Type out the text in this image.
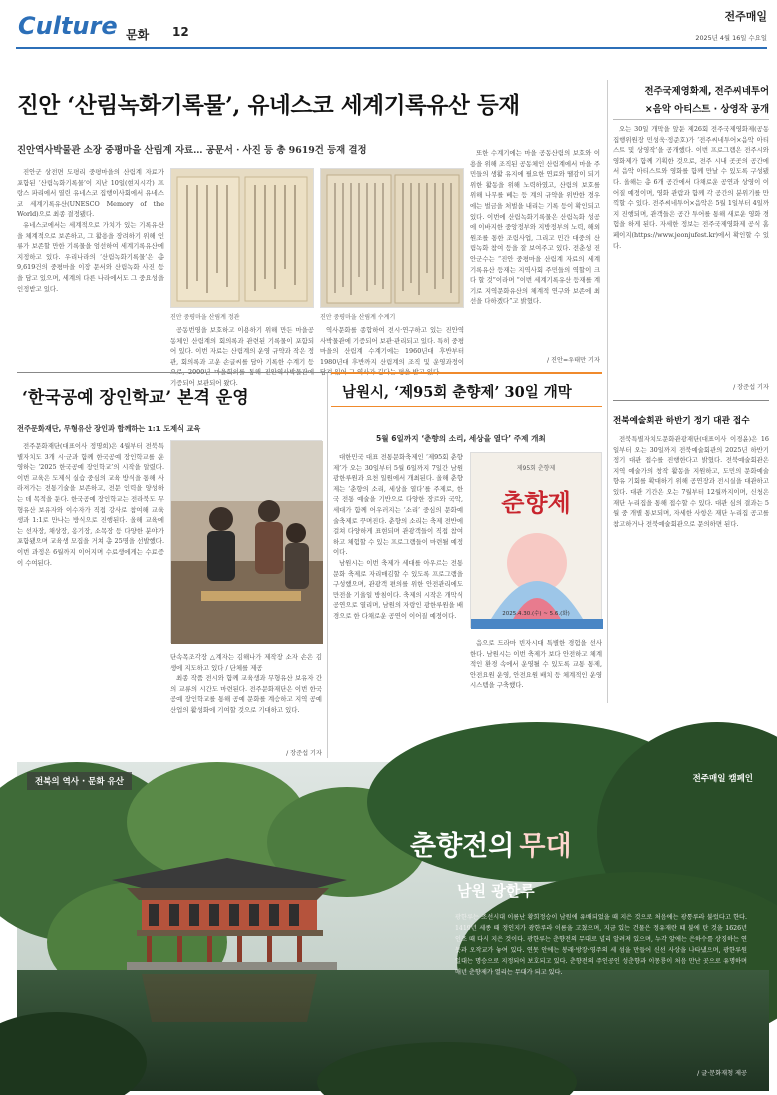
Culture 문화 12
전주매일
2025년 4월 16일 수요일
진안 ‘산림녹화기록물’, 유네스코 세계기록유산 등재
진안역사박물관 소장 중평마을 산림계 자료… 공문서 · 사진 등 총 9619건 등재 결정

진안군 상전면 도평리 중평마을의 산림계 자료가 포함된 ‘산림녹화기록물’이 지난 10일(현지시각) 프랑스 파리에서 열린 유네스코 집행이사회에서 유네스코 세계기록유산(UNESCO Memory of the World)으로 최종 결정됐다.

유네스코에서는 세계적으로 가치가 있는 기록유산을 체계적으로 보존하고, 그 활용을 장려하기 위해 인류가 보존할 만한 기록물을 엄선하여 세계기록유산에 지정하고 있다. 우리나라의 ‘산림녹화기록물’은 총 9,619건의 중평마을 이장 문서와 산림녹화 사진 등을 담고 있으며, 세계의 다른 나라에서도 그 중요성을 인정받고 있다.

진안 중평마을 산림계 정관	진안 중평마을 산림계 수계기

공동번영을 보호하고 이용하기 위해 만든 마을공동체인 산림계의 회의록과 관련된 기록물이 포함되어 있다. 이번 자료는 산림계의 운영 규약과 작은 정관, 회의록과 고운 손글씨를 담아 기록한 수계기 등으로, 2000년 마을회의를 통해 진안역사박물관에 기증되어 보관되어 왔다.

역사문화를 종합하여 전시·연구하고 있는 진안역사박물관에 기증되어 보관·관리되고 있다. 특히 중평마을의 산림계 수계기에는 1960년대 후반부터 1980년대 후반까지 산림계의 조직 및 운영과정이 담겨 있어 그 역사가 깊다는 평을 받고 있다.

또한 수계기에는 마을 공동산림의 보호와 이용을 위해 조직된 공동체인 산림계에서 마을 주민들의 생활 유지에 필요한 연료와 땔감이 되기 위한 활동을 위해 노력하였고, 산림의 보호를 위해 나무를 베는 등 계의 규약을 위반한 경우에는 벌금을 처벌을 내리는 기록 등이 확인되고 있다. 이번에 산림녹화기록물은 산림녹화 성공에 이바지한 중앙정부와 지방정부의 노력, 해외 원조를 통한 조림사업, 그리고 민간 대중의 산림녹화 참여 등을 잘 보여주고 있다. 전춘성 진안군수는 “진안 중평마을 산림계 자료의 세계기록유산 등재는 지역사회 주민들의 역할이 크다 할 것”이라며 “이번 세계기록유산 등재를 계기로 지역문화유산의 체계적 연구와 보존에 최선을 다하겠다”고 밝혔다.

/ 진안=우태만 기자
전주국제영화제, 전주씨네투어
×음악 아티스트 · 상영작 공개

오는 30일 개막을 앞둔 제26회 전주국제영화제(공동집행위원장 민성욱·정준호)가 ‘전주씨네투어×음악 아티스트 및 상영작’을 공개했다. 이번 프로그램은 전주시와 영화제가 함께 기획한 것으로, 전주 시내 곳곳의 공간에서 음악 아티스트와 영화를 함께 만날 수 있도록 구성됐다. 올해는 총 6개 공간에서 다채로운 공연과 상영이 이어질 예정이며, 영화 관람과 함께 각 공간의 분위기를 만끽할 수 있다. 전주씨네투어×음악은 5월 1일부터 4일까지 진행되며, 관객들은 공간 투어를 통해 새로운 영화 경험을 하게 된다. 자세한 정보는 전주국제영화제 공식 홈페이지(https://www.jeonjufest.kr)에서 확인할 수 있다.

/ 장준섭 기자
‘한국공예 장인학교’ 본격 운영
전주문화재단, 무형유산 장인과 함께하는 1:1 도제식 교육

전주문화재단(대표이사 정명희)은 4월부터 전북특별자치도 3개 시·군과 함께 한국공예 장인학교를 운영하는 ‘2025 한국공예 장인학교’의 시작을 알렸다. 이번 교육은 도제식 실습 중심의 교육 방식을 통해 사라져가는 전통기술을 보존하고, 전문 인력을 양성하는 데 목적을 둔다. 한국공예 장인학교는 전라북도 무형유산 보유자와 이수자가 직접 강사로 참여해 교육생과 1:1로 만나는 방식으로 진행된다. 올해 교육에는 선자장, 채상장, 옹기장, 소목장 등 다양한 분야가 포함됐으며 교육생 모집을 거쳐 총 25명을 선발했다. 이번 과정은 6월까지 이어지며 수료생에게는 수료증이 수여된다.

단속목조각장 △계자는 김해나가 제작장 소자 손은 김생에 지도하고 있다 / 단체를 제공

최종 작품 전시와 함께 교육생과 무형유산 보유자 간의 교류의 시간도 마련된다. 전주문화재단은 이번 한국공예 장인학교를 통해 공예 문화를 계승하고 지역 공예 산업의 활성화에 기여할 것으로 기대하고 있다.

/ 장준섭 기자
남원시, ‘제95회 춘향제’ 30일 개막
5월 6일까지 ‘춘향의 소리, 세상을 열다’ 주제 개최

대한민국 대표 전통문화축제인 ‘제95회 춘향제’가 오는 30일부터 5월 6일까지 7일간 남원 광한루원과 요천 일원에서 개최된다. 올해 춘향제는 ‘춘향의 소리, 세상을 열다’를 주제로, 한국 전통 예술을 기반으로 다양한 장르와 국악, 세대가 함께 어우러지는 ‘소리’ 중심의 문화예술축제로 꾸며진다. 춘향의 소리는 축제 전반에 걸쳐 다양하게 표현되며 관광객들이 직접 참여하고 체험할 수 있는 프로그램들이 마련될 예정이다.

남원시는 이번 축제가 세대를 아우르는 전통문화 축제로 자리매김할 수 있도록 프로그램을 구성했으며, 관광객 편의를 위한 안전관리에도 만전을 기울일 방침이다. 축제의 시작은 개막식 공연으로 열리며, 남원의 자랑인 광한루원을 배경으로 한 다채로운 공연이 이어질 예정이다.

제95회 춘향제
춘향제
2025.4.30.(수) ~ 5.6.(화)

음으로 드라마 빈자시대 특별한 경험을 선사한다. 남원시는 이번 축제가 보다 안전하고 체계적인 환경 속에서 운영될 수 있도록 교통 통제, 안전요원 운영, 안전요원 배치 등 체계적인 운영 시스템을 구축했다.

전북예술회관 하반기 정기 대관 접수

전북특별자치도문화관광재단(대표이사 이경윤)은 16일부터 오는 30일까지 전북예술회관의 2025년 하반기 정기 대관 접수를 진행한다고 밝혔다. 전북예술회관은 지역 예술가의 창작 활동을 지원하고, 도민의 문화예술 향유 기회를 확대하기 위해 공연장과 전시실을 대관하고 있다. 대관 기간은 오는 7월부터 12월까지이며, 신청은 재단 누리집을 통해 접수할 수 있다. 대관 심의 결과는 5월 중 개별 통보되며, 자세한 사항은 재단 누리집 공고를 참고하거나 전북예술회관으로 문의하면 된다.

전북의 역사 · 문화 유산	전주매일 캠페인
춘향전의 무대
남원 광한루
광한루는 조선시대 이름난 황희정승이 남원에 유배되었을 때 지은 것으로 처음에는 광통루라 불렀다고 한다. 1419년 세종 때 정인지가 광한루라 이름을 고쳤으며, 지금 있는 건물은 정유재란 때 불에 탄 것을 1626년 인조 때 다시 지은 것이다. 광한루는 춘향전의 무대로 널리 알려져 있으며, 누각 앞에는 은하수를 상징하는 연못과 오작교가 놓여 있다. 연못 안에는 봉래·방장·영주의 세 섬을 만들어 신선 사상을 나타냈으며, 광한루원 일대는 명승으로 지정되어 보호되고 있다. 춘향전의 주인공인 성춘향과 이몽룡이 처음 만난 곳으로 유명하며 매년 춘향제가 열리는 무대가 되고 있다.
/ 글·문화재청 제공
